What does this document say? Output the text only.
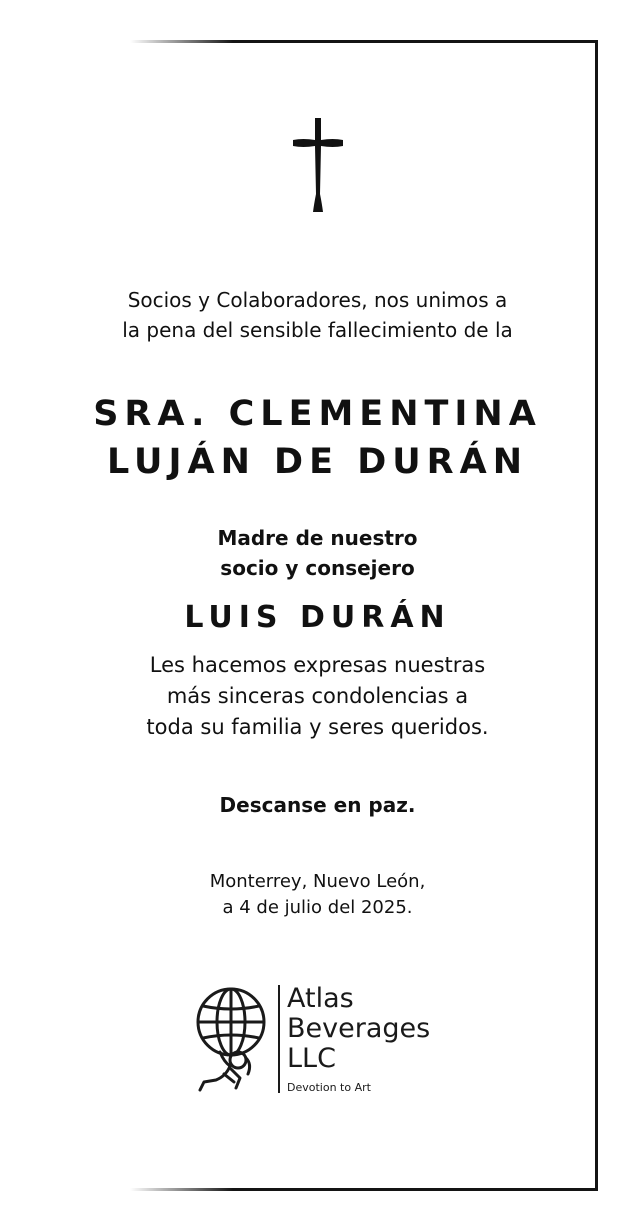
Socios y Colaboradores, nos unimos a
la pena del sensible fallecimiento de la
SRA. CLEMENTINA
LUJÁN DE DURÁN
Madre de nuestro
socio y consejero
LUIS DURÁN
Les hacemos expresas nuestras
más sinceras condolencias a
toda su familia y seres queridos.
Descanse en paz.
Monterrey, Nuevo León,
a 4 de julio del 2025.
Atlas
Beverages
LLC
Devotion to Art
